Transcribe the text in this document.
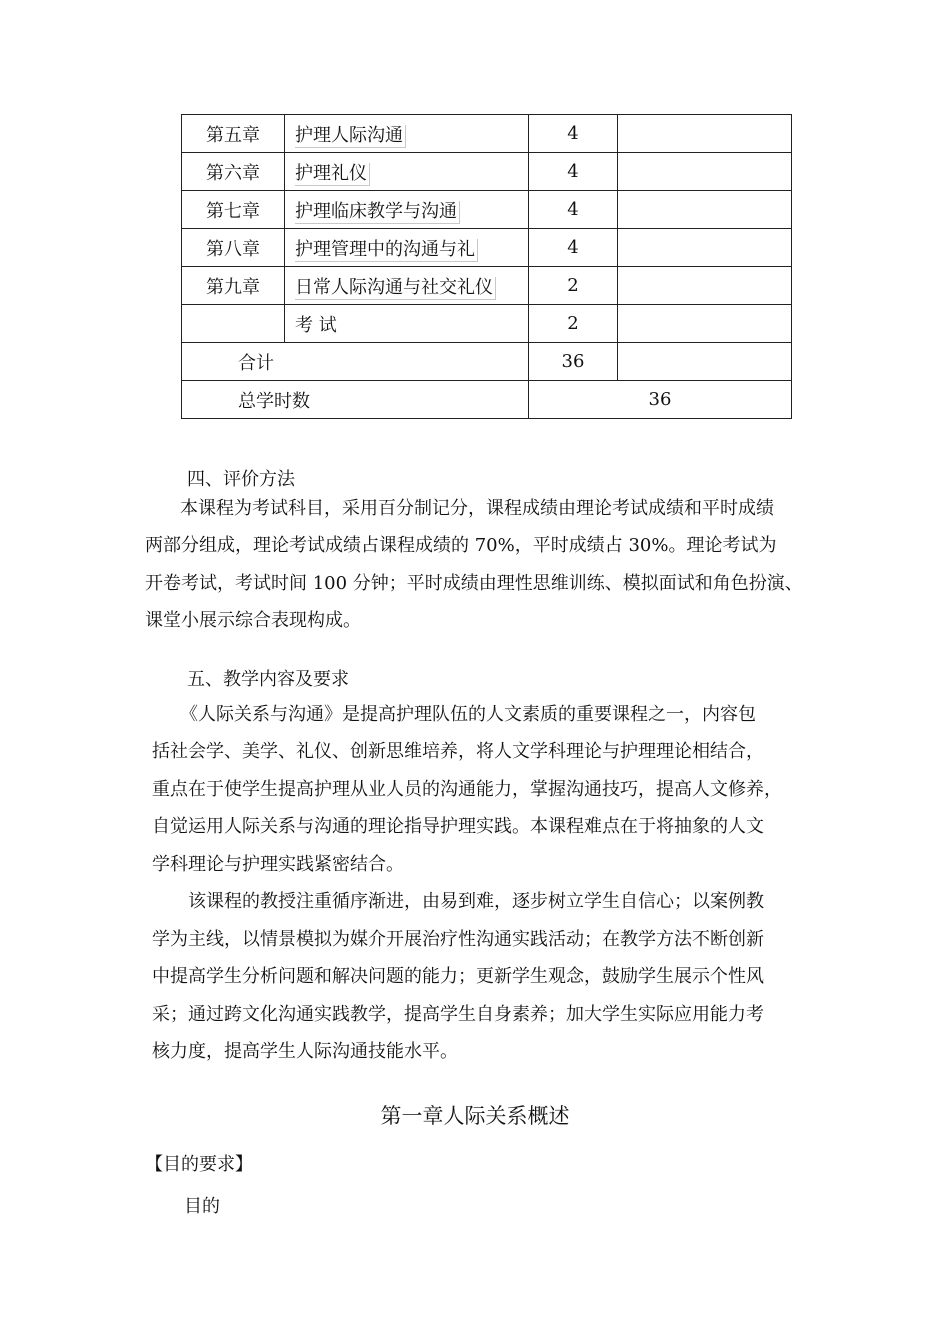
第五章	护理人际沟通	4	
第六章	护理礼仪	4	
第七章	护理临床教学与沟通	4	
第八章	护理管理中的沟通与礼	4	
第九章	日常人际沟通与社交礼仪	2	
	考 试	2	
合计		36	
总学时数		36	
四、评价方法
本课程为考试科目，采用百分制记分，课程成绩由理论考试成绩和平时成绩
两部分组成，理论考试成绩占课程成绩的 70%，平时成绩占 30%。理论考试为
开卷考试，考试时间 100 分钟；平时成绩由理性思维训练、模拟面试和角色扮演、
课堂小展示综合表现构成。
五、教学内容及要求
《人际关系与沟通》是提高护理队伍的人文素质的重要课程之一，内容包
括社会学、美学、礼仪、创新思维培养，将人文学科理论与护理理论相结合，
重点在于使学生提高护理从业人员的沟通能力，掌握沟通技巧，提高人文修养，
自觉运用人际关系与沟通的理论指导护理实践。本课程难点在于将抽象的人文
学科理论与护理实践紧密结合。
该课程的教授注重循序渐进，由易到难，逐步树立学生自信心；以案例教
学为主线，以情景模拟为媒介开展治疗性沟通实践活动；在教学方法不断创新
中提高学生分析问题和解决问题的能力；更新学生观念，鼓励学生展示个性风
采；通过跨文化沟通实践教学，提高学生自身素养；加大学生实际应用能力考
核力度，提高学生人际沟通技能水平。
第一章人际关系概述
【目的要求】
目的
